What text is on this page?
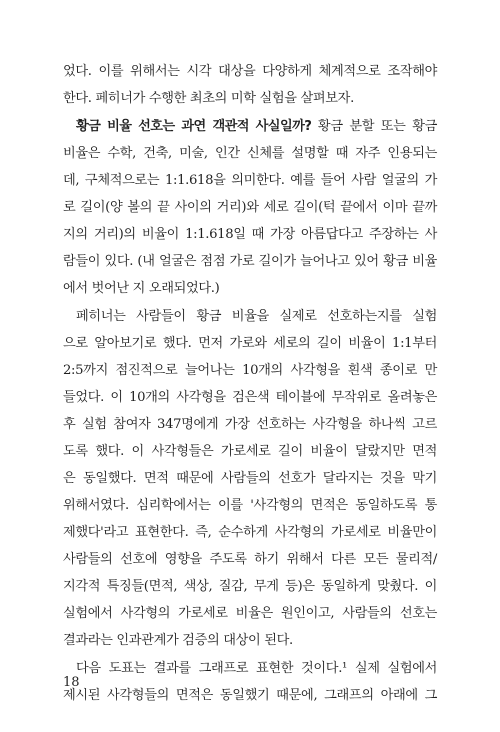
었다. 이를 위해서는 시각 대상을 다양하게 체계적으로 조작해야
한다. 페히너가 수행한 최초의 미학 실험을 살펴보자.
황금 비율 선호는 과연 객관적 사실일까? 황금 분할 또는 황금
비율은 수학, 건축, 미술, 인간 신체를 설명할 때 자주 인용되는
데, 구체적으로는 1:1.618을 의미한다. 예를 들어 사람 얼굴의 가
로 길이(양 볼의 끝 사이의 거리)와 세로 길이(턱 끝에서 이마 끝까
지의 거리)의 비율이 1:1.618일 때 가장 아름답다고 주장하는 사
람들이 있다. (내 얼굴은 점점 가로 길이가 늘어나고 있어 황금 비율
에서 벗어난 지 오래되었다.)
페히너는 사람들이 황금 비율을 실제로 선호하는지를 실험
으로 알아보기로 했다. 먼저 가로와 세로의 길이 비율이 1:1부터
2:5까지 점진적으로 늘어나는 10개의 사각형을 흰색 종이로 만
들었다. 이 10개의 사각형을 검은색 테이블에 무작위로 올려놓은
후 실험 참여자 347명에게 가장 선호하는 사각형을 하나씩 고르
도록 했다. 이 사각형들은 가로세로 길이 비율이 달랐지만 면적
은 동일했다. 면적 때문에 사람들의 선호가 달라지는 것을 막기
위해서였다. 심리학에서는 이를 '사각형의 면적은 동일하도록 통
제했다'라고 표현한다. 즉, 순수하게 사각형의 가로세로 비율만이
사람들의 선호에 영향을 주도록 하기 위해서 다른 모든 물리적/
지각적 특징들(면적, 색상, 질감, 무게 등)은 동일하게 맞췄다. 이
실험에서 사각형의 가로세로 비율은 원인이고, 사람들의 선호는
결과라는 인과관계가 검증의 대상이 된다.
다음 도표는 결과를 그래프로 표현한 것이다.¹ 실제 실험에서
제시된 사각형들의 면적은 동일했기 때문에, 그래프의 아래에 그
18
